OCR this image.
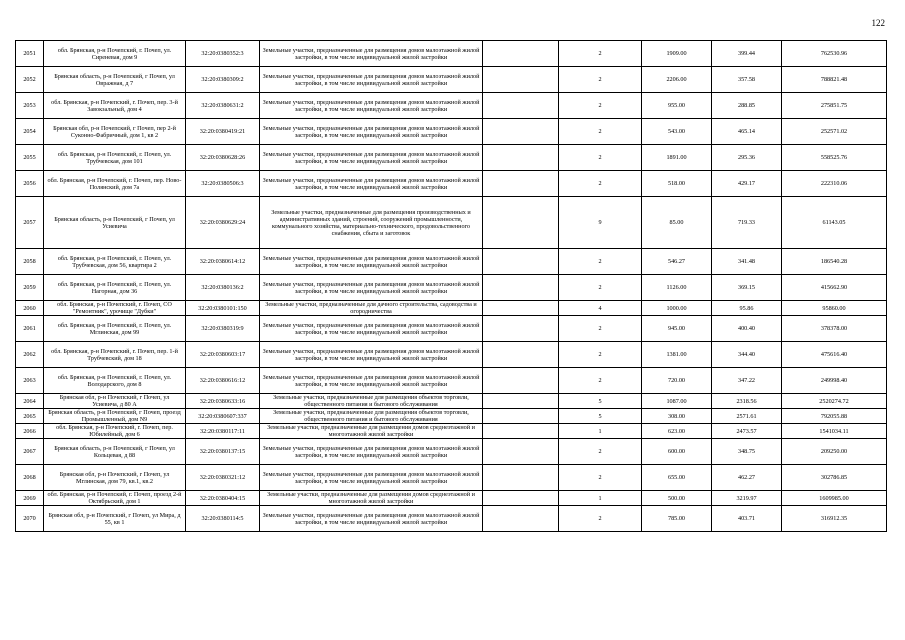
122
2051	обл. Брянская, р-н Почепский, г. Почеп, ул. Сиреневая, дом 9	32:20:0380352:3	Земельные участки, предназначенные для размещения домов малоэтажной жилой застройки, в том числе индивидуальной жилой застройки		2	1909.00	399.44	762530.96
2052	Брянская область, р-н Почепский, г Почеп, ул Овражная, д 7	32:20:0380309:2	Земельные участки, предназначенные для размещения домов малоэтажной жилой застройки, в том числе индивидуальной жилой застройки		2	2206.00	357.58	788821.48
2053	обл. Брянская, р-н Почепский, г. Почеп, пер. 3-й Завокзальный, дом 4	32:20:0380631:2	Земельные участки, предназначенные для размещения домов малоэтажной жилой застройки, в том числе индивидуальной жилой застройки		2	955.00	288.85	275851.75
2054	Брянская обл, р-н Почепский, г Почеп, пер 2-й Суконно-Фабричный, дом 1, кв 2	32:20:0380419:21	Земельные участки, предназначенные для размещения домов малоэтажной жилой застройки, в том числе индивидуальной жилой застройки		2	543.00	465.14	252571.02
2055	обл. Брянская, р-н Почепский, г. Почеп, ул. Трубчевская, дом 101	32:20:0380628:26	Земельные участки, предназначенные для размещения домов малоэтажной жилой застройки, в том числе индивидуальной жилой застройки		2	1891.00	295.36	558525.76
2056	обл. Брянская, р-н Почепский, г. Почеп, пер. Ново-Полянский, дом 7а	32:20:0380506:3	Земельные участки, предназначенные для размещения домов малоэтажной жилой застройки, в том числе индивидуальной жилой застройки		2	518.00	429.17	222310.06
2057	Брянская область, р-н Почепский, г Почеп, ул Усиевича	32:20:0380629:24	Земельные участки, предназначенные для размещения производственных и административных зданий, строений, сооружений промышленности, коммунального хозяйства, материально-технического, продовольственного снабжения, сбыта и заготовок		9	85.00	719.33	61143.05
2058	обл. Брянская, р-н Почепский, г. Почеп, ул. Трубчевская, дом 56, квартира 2	32:20:0380614:12	Земельные участки, предназначенные для размещения домов малоэтажной жилой застройки, в том числе индивидуальной жилой застройки		2	546.27	341.48	186540.28
2059	обл. Брянская, р-н Почепский, г. Почеп, ул. Нагорная, дом 36	32:20:0380136:2	Земельные участки, предназначенные для размещения домов малоэтажной жилой застройки, в том числе индивидуальной жилой застройки		2	1126.00	369.15	415662.90
2060	обл. Брянская, р-н Почепский, г. Почеп, СО "Ремонтник", урочище "Дубки"	32:20:0380101:150	Земельные участки, предназначенные для дачного строительства, садоводства и огородничества		4	1000.00	95.86	95860.00
2061	обл. Брянская, р-н Почепский, г. Почеп, ул. Мглинская, дом 99	32:20:0380319:9	Земельные участки, предназначенные для размещения домов малоэтажной жилой застройки, в том числе индивидуальной жилой застройки		2	945.00	400.40	378378.00
2062	обл. Брянская, р-н Почепский, г. Почеп, пер. 1-й Трубчевский, дом 18	32:20:0380603:17	Земельные участки, предназначенные для размещения домов малоэтажной жилой застройки, в том числе индивидуальной жилой застройки		2	1381.00	344.40	475616.40
2063	обл. Брянская, р-н Почепский, г. Почеп, ул. Володарского, дом 8	32:20:0380616:12	Земельные участки, предназначенные для размещения домов малоэтажной жилой застройки, в том числе индивидуальной жилой застройки		2	720.00	347.22	249998.40
2064	Брянская обл, р-н Почепский, г Почеп, ул Усиевича, д 80 А	32:20:0380633:16	Земельные участки, предназначенные для размещения объектов торговли, общественного питания и бытового обслуживания		5	1087.00	2318.56	2520274.72
2065	Брянская область, р-н Почепский, г Почеп, проезд Промышленный, дом N9	32:20:0380607:337	Земельные участки, предназначенные для размещения объектов торговли, общественного питания и бытового обслуживания		5	308.00	2571.61	792055.88
2066	обл. Брянская, р-н Почепский, г. Почеп, пер. Юбилейный, дом 6	32:20:0380117:11	Земельные участки, предназначенные для размещения домов среднеэтажной и многоэтажной жилой застройки		1	623.00	2473.57	1541034.11
2067	Брянская область, р-н Почепский, г Почеп, ул Кольцевая, д 88	32:20:0380137:15	Земельные участки, предназначенные для размещения домов малоэтажной жилой застройки, в том числе индивидуальной жилой застройки		2	600.00	348.75	209250.00
2068	Брянская обл, р-н Почепский, г Почеп, ул Мглинская, дом 79, кв.1, кв.2	32:20:0380321:12	Земельные участки, предназначенные для размещения домов малоэтажной жилой застройки, в том числе индивидуальной жилой застройки		2	655.00	462.27	302786.85
2069	обл. Брянская, р-н Почепский, г. Почеп, проезд 2-й Октябрьский, дом 1	32:20:0380404:15	Земельные участки, предназначенные для размещения домов среднеэтажной и многоэтажной жилой застройки		1	500.00	3219.97	1609985.00
2070	Брянская обл, р-н Почепский, г Почеп, ул Мира, д 55, кв 1	32:20:0380114:5	Земельные участки, предназначенные для размещения домов малоэтажной жилой застройки, в том числе индивидуальной жилой застройки		2	785.00	403.71	316912.35
